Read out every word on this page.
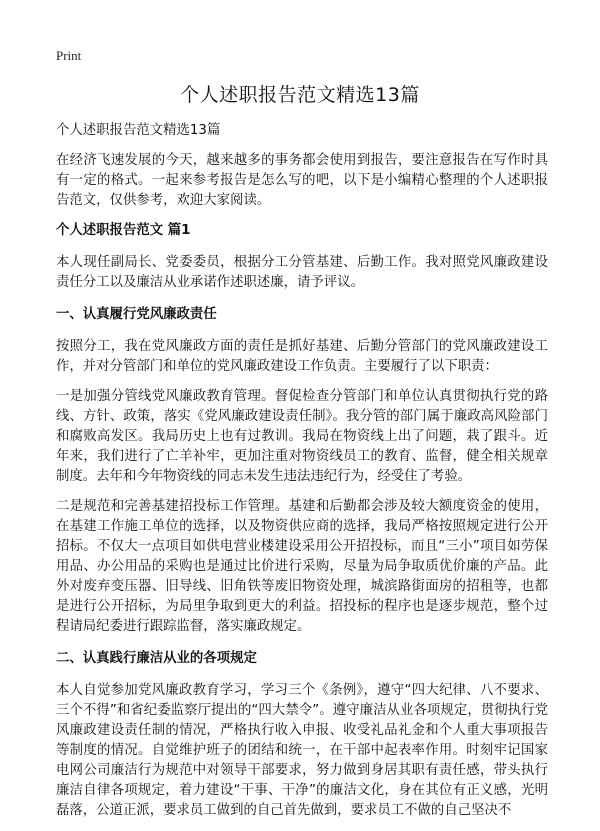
Print
个人述职报告范文精选13篇

个人述职报告范文精选13篇

在经济飞速发展的今天，越来越多的事务都会使用到报告，要注意报告在写作时具有一定的格式。一起来参考报告是怎么写的吧，以下是小编精心整理的个人述职报告范文，仅供参考，欢迎大家阅读。

个人述职报告范文 篇1

本人现任副局长、党委委员，根据分工分管基建、后勤工作。我对照党风廉政建设责任分工以及廉洁从业承诺作述职述廉，请予评议。

一、认真履行党风廉政责任

按照分工，我在党风廉政方面的责任是抓好基建、后勤分管部门的党风廉政建设工作，并对分管部门和单位的党风廉政建设工作负责。主要履行了以下职责：

一是加强分管线党风廉政教育管理。督促检查分管部门和单位认真贯彻执行党的路线、方针、政策，落实《党风廉政建设责任制》。我分管的部门属于廉政高风险部门和腐败高发区。我局历史上也有过教训。我局在物资线上出了问题，栽了跟斗。近年来，我们进行了亡羊补牢，更加注重对物资线员工的教育、监督，健全相关规章制度。去年和今年物资线的同志未发生违法违纪行为，经受住了考验。

二是规范和完善基建招投标工作管理。基建和后勤都会涉及较大额度资金的使用，在基建工作施工单位的选择，以及物资供应商的选择，我局严格按照规定进行公开招标。不仅大一点项目如供电营业楼建设采用公开招投标，而且“三小”项目如劳保用品、办公用品的采购也是通过比价进行采购，尽量为局争取质优价廉的产品。此外对废弃变压器、旧导线、旧角铁等废旧物资处理，城滨路街面房的招租等，也都是进行公开招标，为局里争取到更大的利益。招投标的程序也是逐步规范，整个过程请局纪委进行跟踪监督，落实廉政规定。

二、认真践行廉洁从业的各项规定

本人自觉参加党风廉政教育学习，学习三个《条例》，遵守“四大纪律、八不要求、三个不得”和省纪委监察厅提出的“四大禁令”。遵守廉洁从业各项规定，贯彻执行党风廉政建设责任制的情况，严格执行收入申报、收受礼品礼金和个人重大事项报告等制度的情况。自觉维护班子的团结和统一，在干部中起表率作用。时刻牢记国家电网公司廉洁行为规范中对领导干部要求，努力做到身居其职有责任感，带头执行廉洁自律各项规定，着力建设“干事、干净”的廉洁文化，身在其位有正义感，光明磊落，公道正派，要求员工做到的自己首先做到，要求员工不做的自己坚决不
